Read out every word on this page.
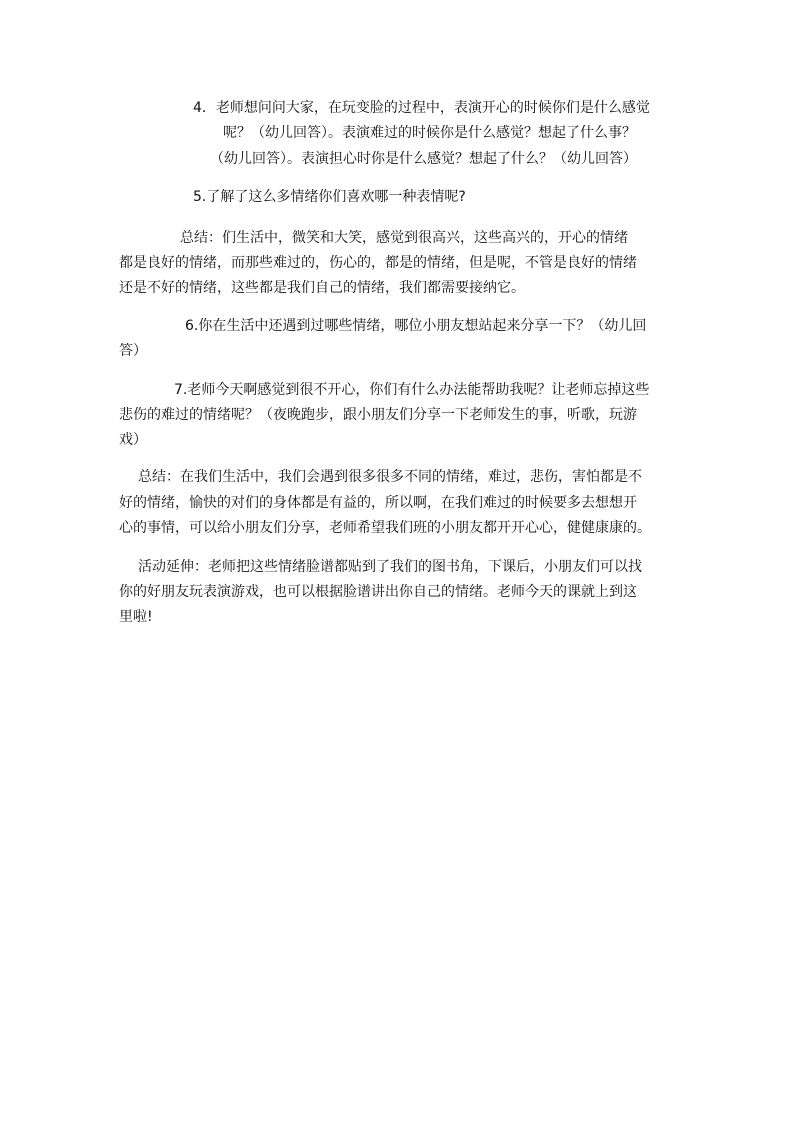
4．老师想问问大家，在玩变脸的过程中，表演开心的时候你们是什么感觉
呢？（幼儿回答）。表演难过的时候你是什么感觉？想起了什么事？
（幼儿回答）。表演担心时你是什么感觉？想起了什么？（幼儿回答）
5.了解了这么多情绪你们喜欢哪一种表情呢?
总结：们生活中，微笑和大笑，感觉到很高兴，这些高兴的，开心的情绪
都是良好的情绪，而那些难过的，伤心的，都是的情绪，但是呢，不管是良好的情绪
还是不好的情绪，这些都是我们自己的情绪，我们都需要接纳它。
6.你在生活中还遇到过哪些情绪，哪位小朋友想站起来分享一下？（幼儿回
答）
7.老师今天啊感觉到很不开心，你们有什么办法能帮助我呢？让老师忘掉这些
悲伤的难过的情绪呢？（夜晚跑步，跟小朋友们分享一下老师发生的事，听歌，玩游
戏）
总结：在我们生活中，我们会遇到很多很多不同的情绪，难过，悲伤，害怕都是不
好的情绪，愉快的对们的身体都是有益的，所以啊，在我们难过的时候要多去想想开
心的事情，可以给小朋友们分享，老师希望我们班的小朋友都开开心心，健健康康的。
活动延伸：老师把这些情绪脸谱都贴到了我们的图书角，下课后，小朋友们可以找
你的好朋友玩表演游戏，也可以根据脸谱讲出你自己的情绪。老师今天的课就上到这
里啦!
